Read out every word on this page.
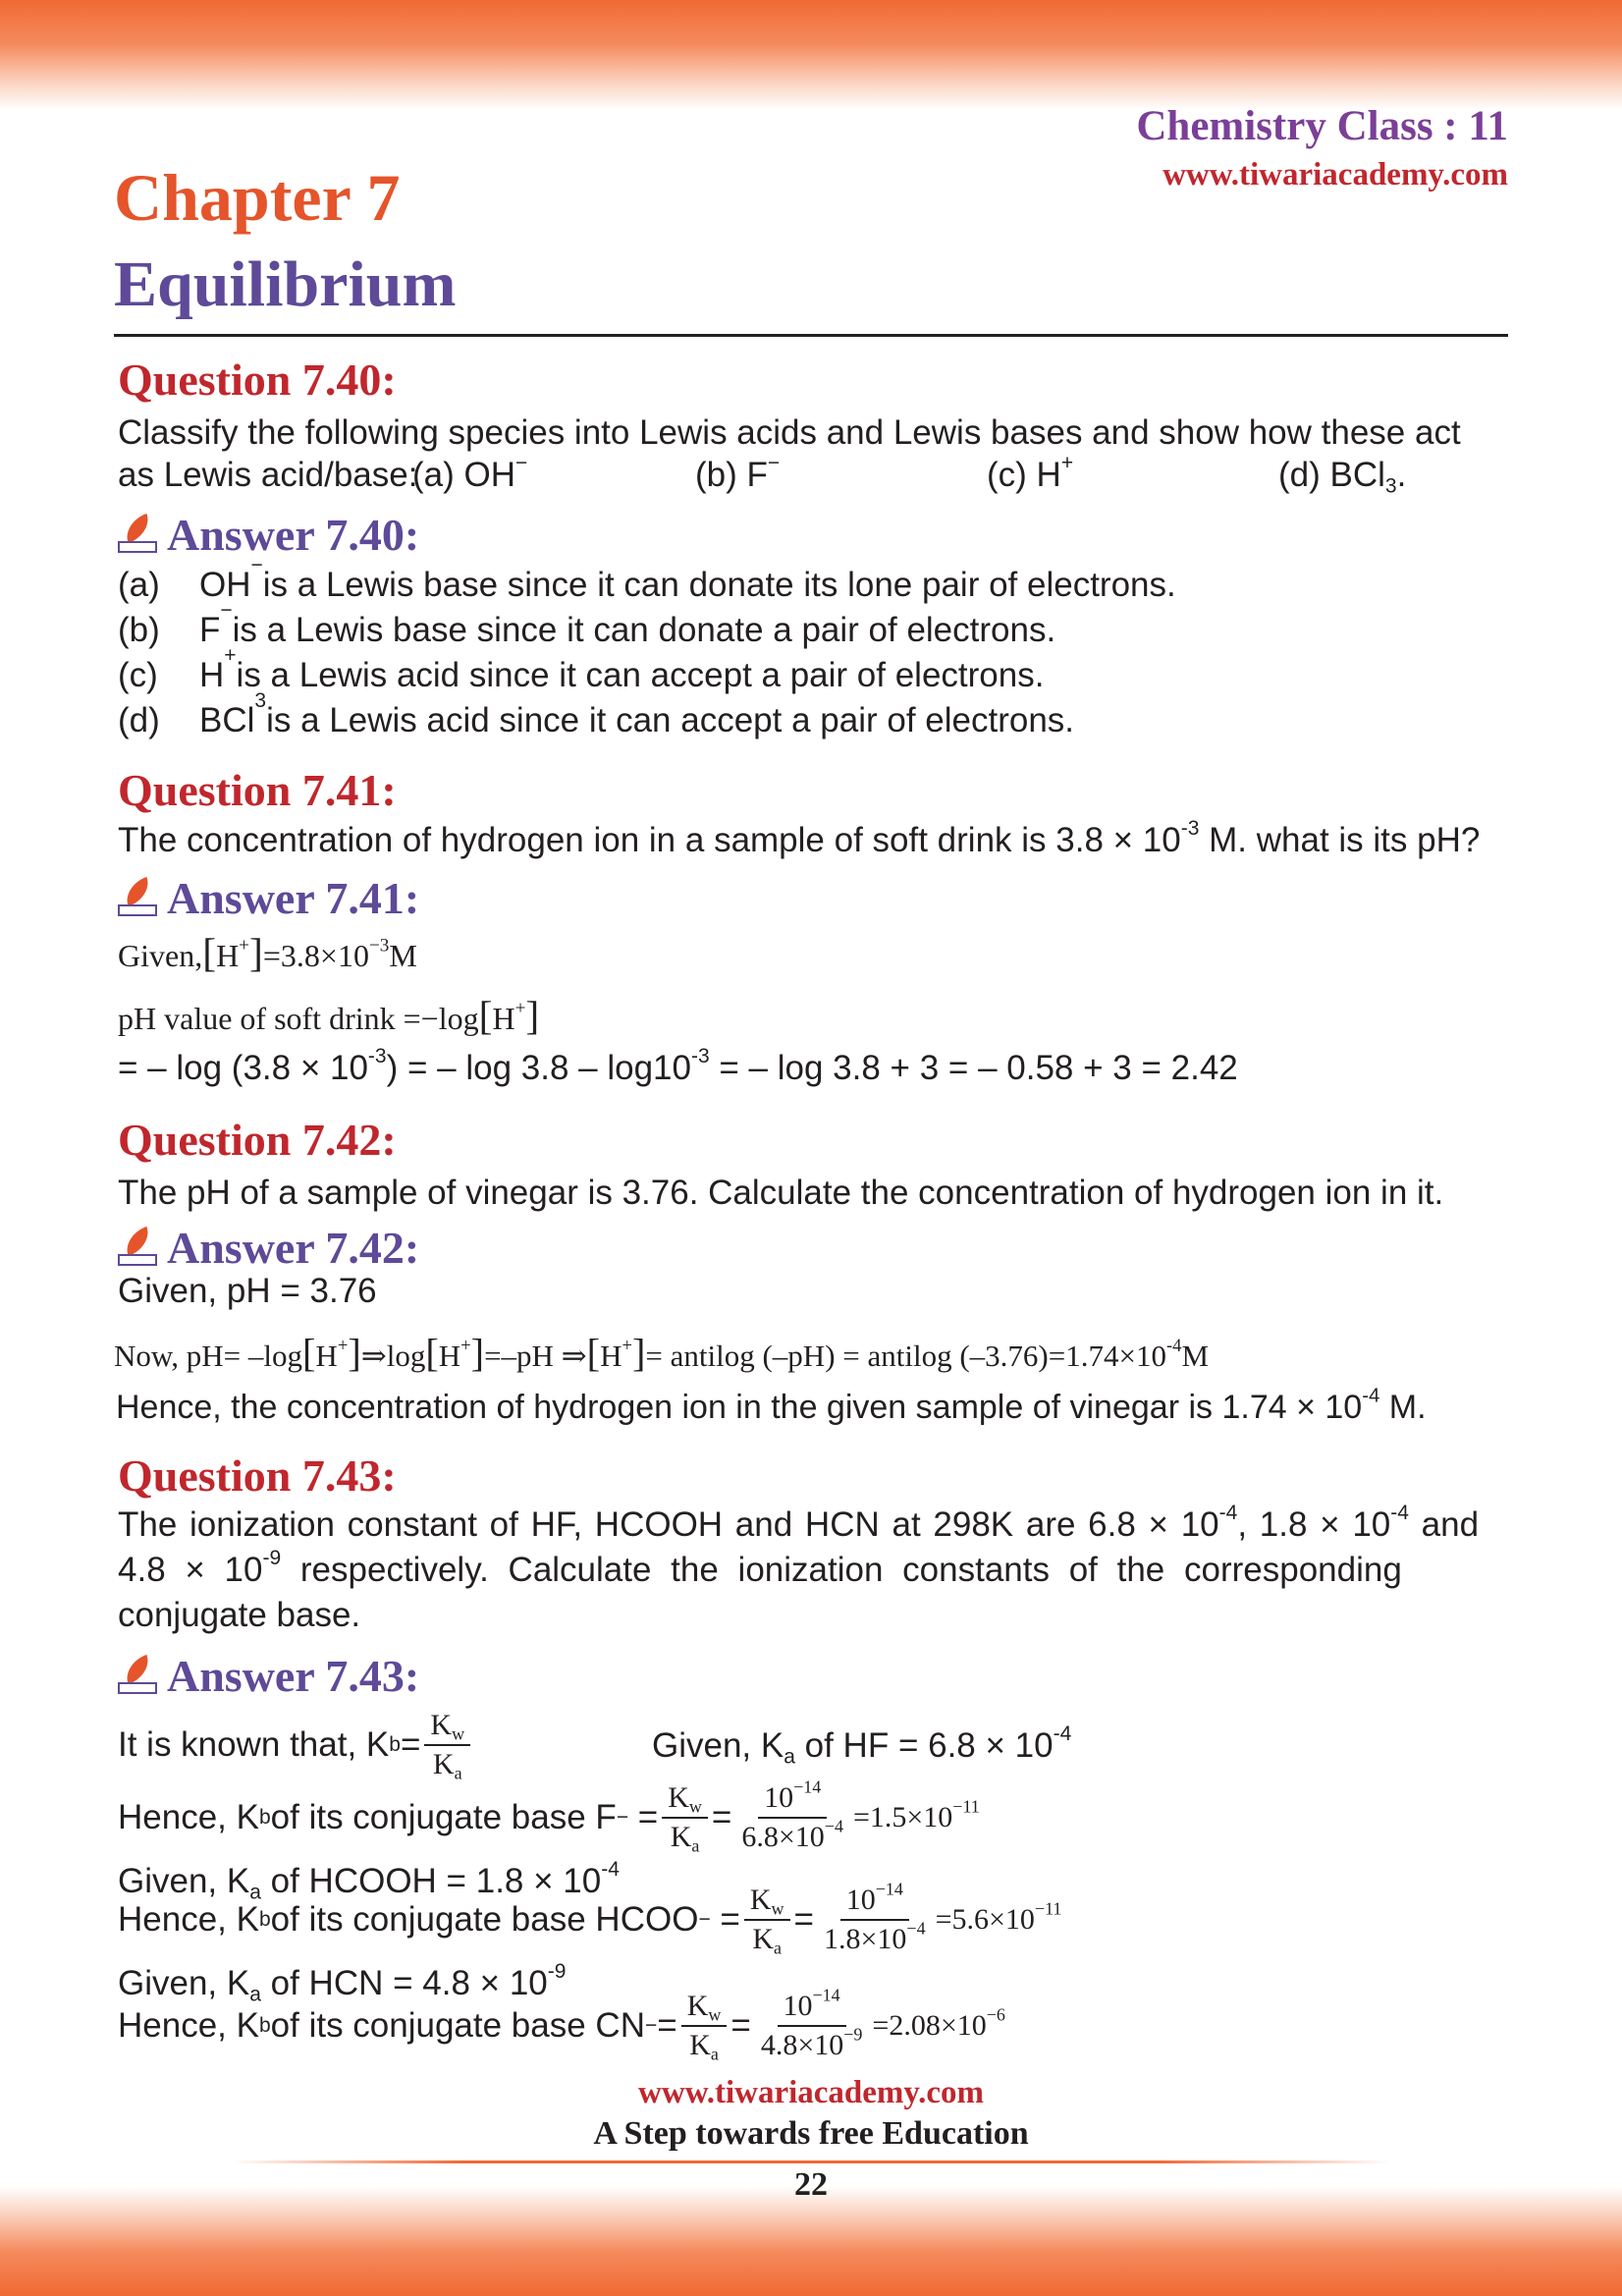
Chemistry Class : 11
www.tiwariacademy.com
Chapter 7
Equilibrium
Question 7.40:
Classify the following species into Lewis acids and Lewis bases and show how these act
as Lewis acid/base:
(a) OH−	(b) F−	(c) H+	(d) BCl$_3$.
Answer 7.40:
(a)	OH
−
is a Lewis base since it can donate its lone pair of electrons.
(b)	F
−
is a Lewis base since it can donate a pair of electrons.
(c)	H
+
is a Lewis acid since it can accept a pair of electrons.
(d)	BCl
3
is a Lewis acid since it can accept a pair of electrons.
Question 7.41:
The concentration of hydrogen ion in a sample of soft drink is $3.8 \times 10^{-3}$ M. what is its pH?
Answer 7.41:
$Given,[H^+]=3.8\times 10^{-3}M$
pH value of soft drink =−log[H+]
= – $\log (3.8 \times 10^{-3})$ = – $\log 3.8 - \log 10^{-3}$ = – log 3.8 + 3 = – 0.58 + 3 = 2.42
Question 7.42:
The pH of a sample of vinegar is 3.76. Calculate the concentration of hydrogen ion in it.
Answer 7.42:
Given, pH = 3.76
Now, pH= –log[H+]⇒log[H+]=–pH ⇒[H+]= antilog (–pH) = antilog $(-3.76)=1.74\times 10^{-4}M$
Hence, the concentration of hydrogen ion in the given sample of vinegar is $1.74 \times 10^{-4}$ M.
Question 7.43:
The ionization constant of HF, HCOOH and HCN at 298K are $6.8 \times 10^{-4}$, $1.8 \times 10^{-4}$ and
$4.8 \times 10^{-9}$ respectively. Calculate the ionization constants of the corresponding
conjugate base.
Answer 7.43:
It is known that, K $b = \frac{K_w}{K_a}$	Given, $K_a$ of HF = $6.8 \times 10^{-4}$
Hence, K b of its conjugate base F − = $\frac{K_w}{K_a} = \frac{10^{-14}}{6.8\times 10^{-4}} =1.5\times 10^{-11}$
Given, $K_a$ of HCOOH = $1.8 \times 10^{-4}$
Hence, K b of its conjugate base HCOO − = $\frac{K_w}{K_a} = \frac{10^{-14}}{1.8\times 10^{-4}} =5.6\times 10^{-11}$
Given, $K_a$ of HCN = $4.8 \times 10^{-9}$
Hence, K b of its conjugate base CN − = $\frac{K_w}{K_a} = \frac{10^{-14}}{4.8\times 10^{-9}} =2.08\times 10^{-6}$
www.tiwariacademy.com
A Step towards free Education
22
